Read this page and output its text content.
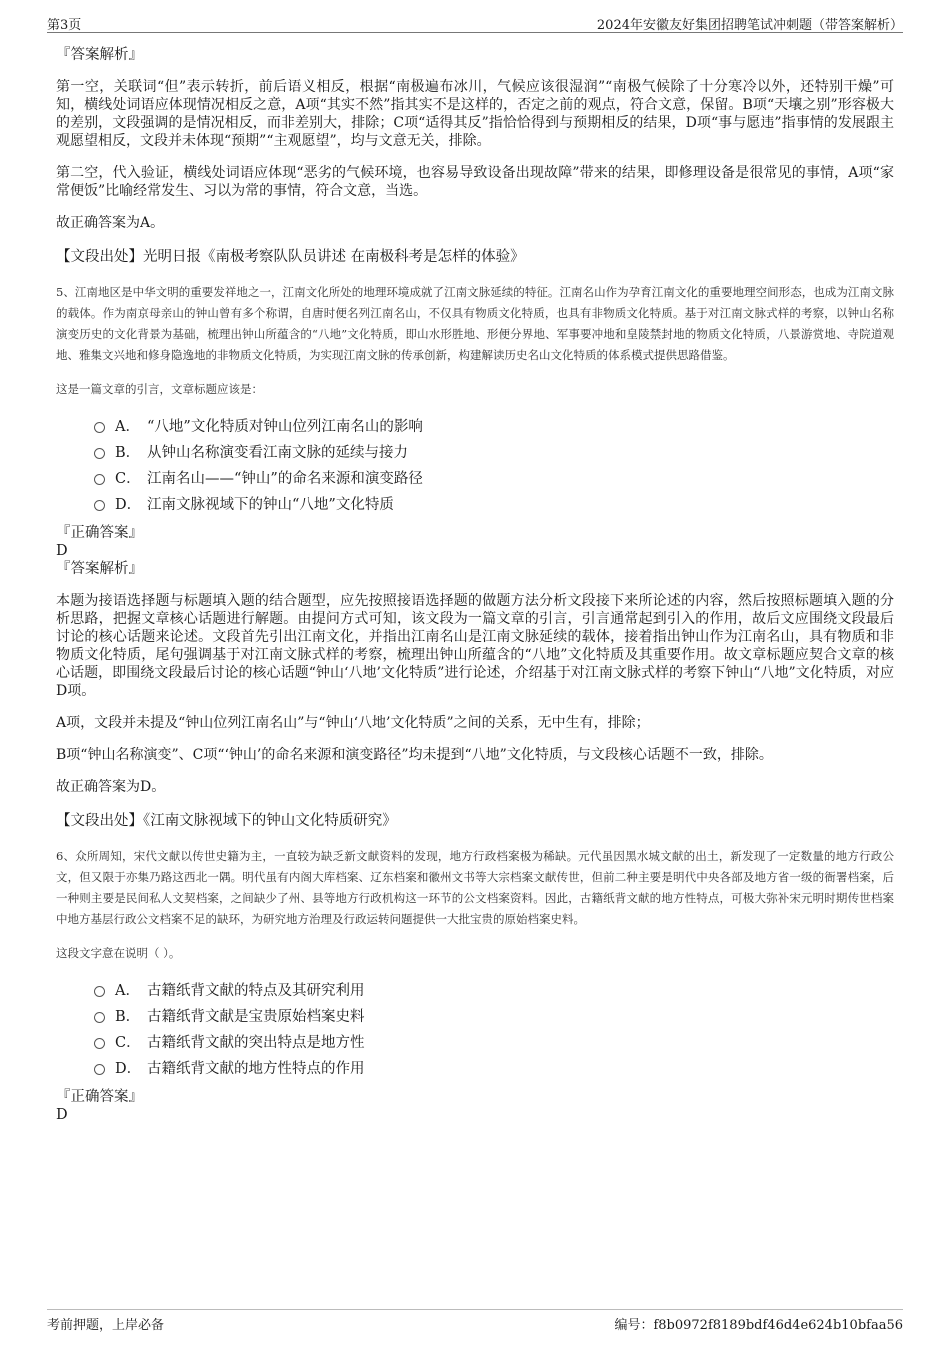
第3页	2024年安徽友好集团招聘笔试冲刺题（带答案解析）
『答案解析』
第一空，关联词“但”表示转折，前后语义相反，根据“南极遍布冰川，气候应该很湿润”“南极气候除了十分寒冷以外，还特别干燥”可知，横线处词语应体现情况相反之意，A项“其实不然”指其实不是这样的，否定之前的观点，符合文意，保留。B项“天壤之别”形容极大的差别，文段强调的是情况相反，而非差别大，排除；C项“适得其反”指恰恰得到与预期相反的结果，D项“事与愿违”指事情的发展跟主观愿望相反，文段并未体现“预期”“主观愿望”，均与文意无关，排除。
第二空，代入验证，横线处词语应体现“恶劣的气候环境，也容易导致设备出现故障”带来的结果，即修理设备是很常见的事情，A项“家常便饭”比喻经常发生、习以为常的事情，符合文意，当选。
故正确答案为A。
【文段出处】光明日报《南极考察队队员讲述 在南极科考是怎样的体验》
5、江南地区是中华文明的重要发祥地之一，江南文化所处的地理环境成就了江南文脉延续的特征。江南名山作为孕育江南文化的重要地理空间形态，也成为江南文脉的载体。作为南京母亲山的钟山曾有多个称谓，自唐时便名列江南名山，不仅具有物质文化特质，也具有非物质文化特质。基于对江南文脉式样的考察，以钟山名称演变历史的文化背景为基础，梳理出钟山所蕴含的“八地”文化特质，即山水形胜地、形便分界地、军事要冲地和皇陵禁封地的物质文化特质，八景游赏地、寺院道观地、雅集文兴地和修身隐逸地的非物质文化特质，为实现江南文脉的传承创新，构建解读历史名山文化特质的体系模式提供思路借鉴。
这是一篇文章的引言，文章标题应该是：
A． “八地”文化特质对钟山位列江南名山的影响
B． 从钟山名称演变看江南文脉的延续与接力
C． 江南名山——“钟山”的命名来源和演变路径
D． 江南文脉视域下的钟山“八地”文化特质
『正确答案』
D
『答案解析』
本题为接语选择题与标题填入题的结合题型，应先按照接语选择题的做题方法分析文段接下来所论述的内容，然后按照标题填入题的分析思路，把握文章核心话题进行解题。由提问方式可知，该文段为一篇文章的引言，引言通常起到引入的作用，故后文应围绕文段最后讨论的核心话题来论述。文段首先引出江南文化，并指出江南名山是江南文脉延续的载体，接着指出钟山作为江南名山，具有物质和非物质文化特质，尾句强调基于对江南文脉式样的考察，梳理出钟山所蕴含的“八地”文化特质及其重要作用。故文章标题应契合文章的核心话题，即围绕文段最后讨论的核心话题“钟山‘八地’文化特质”进行论述，介绍基于对江南文脉式样的考察下钟山“八地”文化特质，对应D项。
A项，文段并未提及“钟山位列江南名山”与“钟山‘八地’文化特质”之间的关系，无中生有，排除；
B项“钟山名称演变”、C项“‘钟山’的命名来源和演变路径”均未提到“八地”文化特质，与文段核心话题不一致，排除。
故正确答案为D。
【文段出处】《江南文脉视域下的钟山文化特质研究》
6、众所周知，宋代文献以传世史籍为主，一直较为缺乏新文献资料的发现，地方行政档案极为稀缺。元代虽因黑水城文献的出土，新发现了一定数量的地方行政公文，但又限于亦集乃路这西北一隅。明代虽有内阁大库档案、辽东档案和徽州文书等大宗档案文献传世，但前二种主要是明代中央各部及地方省一级的衙署档案，后一种则主要是民间私人文契档案，之间缺少了州、县等地方行政机构这一环节的公文档案资料。因此，古籍纸背文献的地方性特点，可极大弥补宋元明时期传世档案中地方基层行政公文档案不足的缺环，为研究地方治理及行政运转问题提供一大批宝贵的原始档案史料。
这段文字意在说明（ ）。
A． 古籍纸背文献的特点及其研究利用
B． 古籍纸背文献是宝贵原始档案史料
C． 古籍纸背文献的突出特点是地方性
D． 古籍纸背文献的地方性特点的作用
『正确答案』
D
考前押题，上岸必备	编号：f8b0972f8189bdf46d4e624b10bfaa56
